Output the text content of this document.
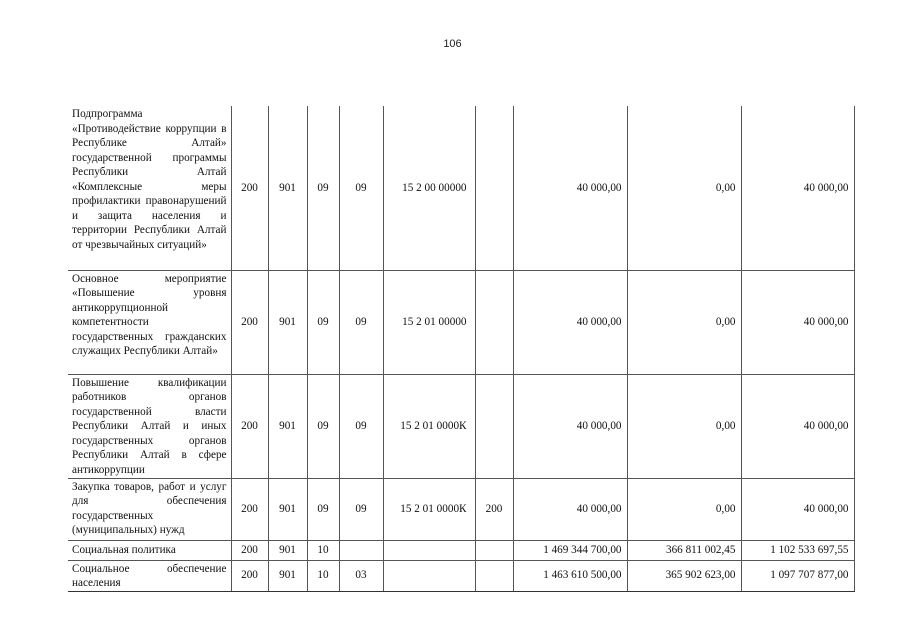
106
Подпрограмма «Противодействие коррупции в Республике Алтай» государственной программы Республики Алтай «Комплексные меры профилактики правонарушений и защита населения и территории Республики Алтай от чрезвычайных ситуаций»	200	901	09	09	15 2 00 00000		40 000,00	0,00	40 000,00
Основное мероприятие «Повышение уровня антикоррупционной компетентности государственных гражданских служащих Республики Алтай»	200	901	09	09	15 2 01 00000		40 000,00	0,00	40 000,00
Повышение квалификации работников органов государственной власти Республики Алтай и иных государственных органов Республики Алтай в сфере антикоррупции	200	901	09	09	15 2 01 0000К		40 000,00	0,00	40 000,00
Закупка товаров, работ и услуг для обеспечения государственных (муниципальных) нужд	200	901	09	09	15 2 01 0000К	200	40 000,00	0,00	40 000,00
Социальная политика	200	901	10				1 469 344 700,00	366 811 002,45	1 102 533 697,55
Социальное обеспечение населения	200	901	10	03			1 463 610 500,00	365 902 623,00	1 097 707 877,00
